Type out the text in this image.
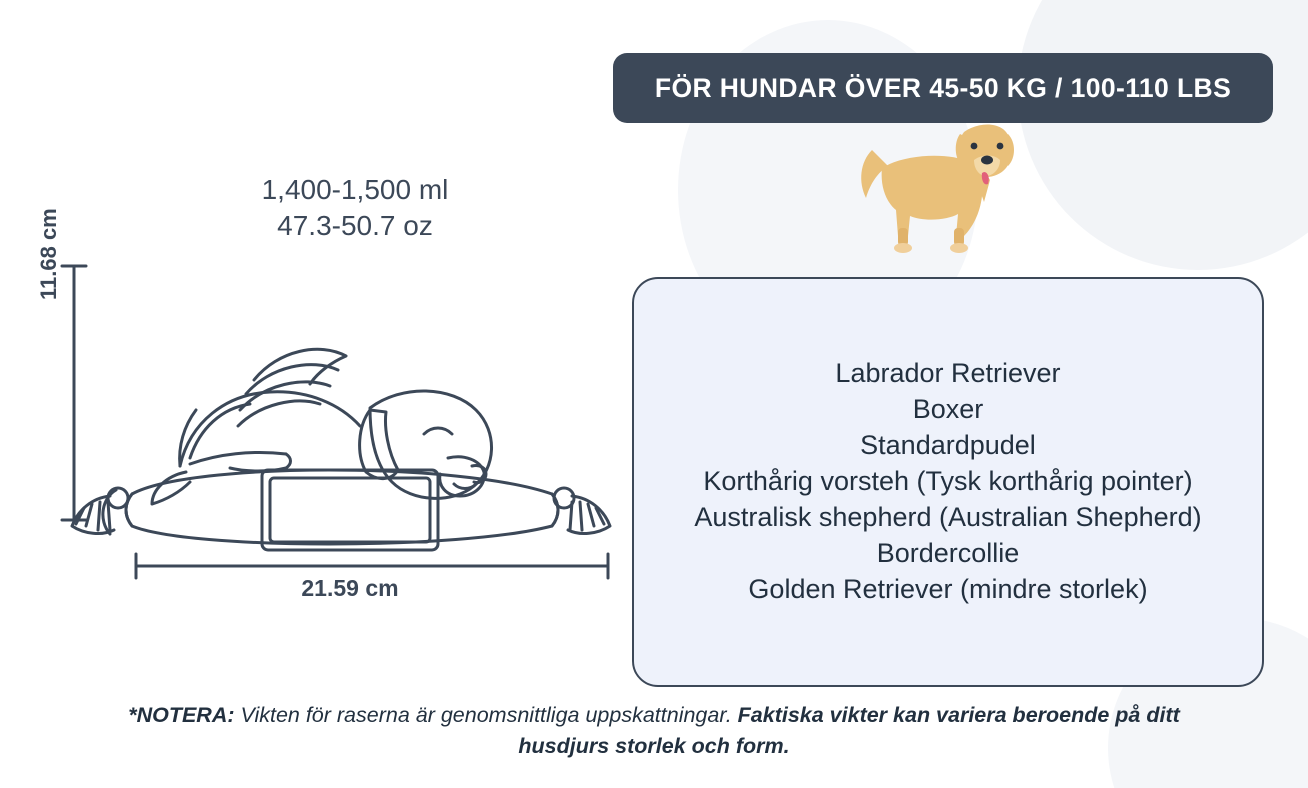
FÖR HUNDAR ÖVER 45-50 KG / 100-110 LBS
1,400-1,500 ml
47.3-50.7 oz
11.68 cm
21.59 cm
Labrador Retriever
Boxer
Standardpudel
Korthårig vorsteh (Tysk korthårig pointer)
Australisk shepherd (Australian Shepherd)
Bordercollie
Golden Retriever (mindre storlek)
*NOTERA: Vikten för raserna är genomsnittliga uppskattningar. Faktiska vikter kan variera beroende på ditt husdjurs storlek och form.
